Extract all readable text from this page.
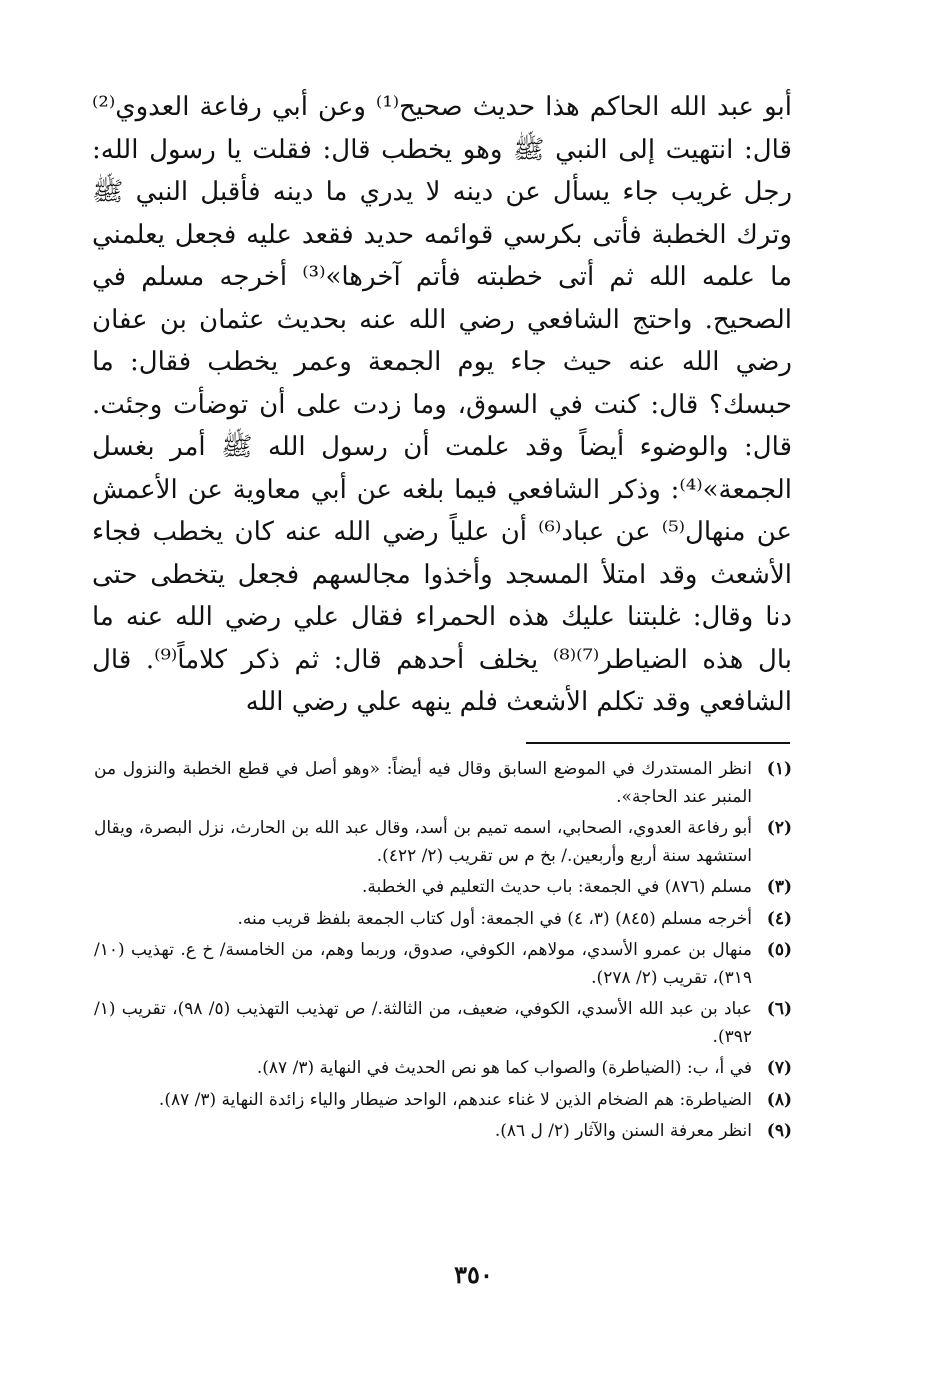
أبو عبد الله الحاكم هذا حديث صحيح⁽¹⁾ وعن أبي رفاعة العدوي⁽²⁾ قال: انتهيت إلى النبي ﷺ وهو يخطب قال: فقلت يا رسول الله: رجل غريب جاء يسأل عن دينه لا يدري ما دينه فأقبل النبي ﷺ وترك الخطبة فأتى بكرسي قوائمه حديد فقعد عليه فجعل يعلمني ما علمه الله ثم أتى خطبته فأتم آخرها»⁽³⁾ أخرجه مسلم في الصحيح. واحتج الشافعي رضي الله عنه بحديث عثمان بن عفان رضي الله عنه حيث جاء يوم الجمعة وعمر يخطب فقال: ما حبسك؟ قال: كنت في السوق، وما زدت على أن توضأت وجئت. قال: والوضوء أيضاً وقد علمت أن رسول الله ﷺ أمر بغسل الجمعة»⁽⁴⁾: وذكر الشافعي فيما بلغه عن أبي معاوية عن الأعمش عن منهال⁽⁵⁾ عن عباد⁽⁶⁾ أن علياً رضي الله عنه كان يخطب فجاء الأشعث وقد امتلأ المسجد وأخذوا مجالسهم فجعل يتخطى حتى دنا وقال: غلبتنا عليك هذه الحمراء فقال علي رضي الله عنه ما بال هذه الضياطر⁽⁷⁾⁽⁸⁾ يخلف أحدهم قال: ثم ذكر كلاماً⁽⁹⁾. قال الشافعي وقد تكلم الأشعث فلم ينهه علي رضي الله

(١)
انظر المستدرك في الموضع السابق وقال فيه أيضاً: «وهو أصل في قطع الخطبة والنزول من المنبر عند الحاجة».
(٢)
أبو رفاعة العدوي، الصحابي، اسمه تميم بن أسد، وقال عبد الله بن الحارث، نزل البصرة، ويقال استشهد سنة أربع وأربعين./ بخ م س تقريب (٢/ ٤٢٢).
(٣)
مسلم (٨٧٦) في الجمعة: باب حديث التعليم في الخطبة.
(٤)
أخرجه مسلم (٨٤٥) (٣، ٤) في الجمعة: أول كتاب الجمعة بلفظ قريب منه.
(٥)
منهال بن عمرو الأسدي، مولاهم، الكوفي، صدوق، وربما وهم، من الخامسة/ خ ع. تهذيب (١٠/ ٣١٩)، تقريب (٢/ ٢٧٨).
(٦)
عباد بن عبد الله الأسدي، الكوفي، ضعيف، من الثالثة./ ص تهذيب التهذيب (٥/ ٩٨)، تقريب (١/ ٣٩٢).
(٧)
في أ، ب: (الضياطرة) والصواب كما هو نص الحديث في النهاية (٣/ ٨٧).
(٨)
الضياطرة: هم الضخام الذين لا غناء عندهم، الواحد ضيطار والياء زائدة النهاية (٣/ ٨٧).
(٩)
انظر معرفة السنن والآثار (٢/ ل ٨٦).
٣٥٠
